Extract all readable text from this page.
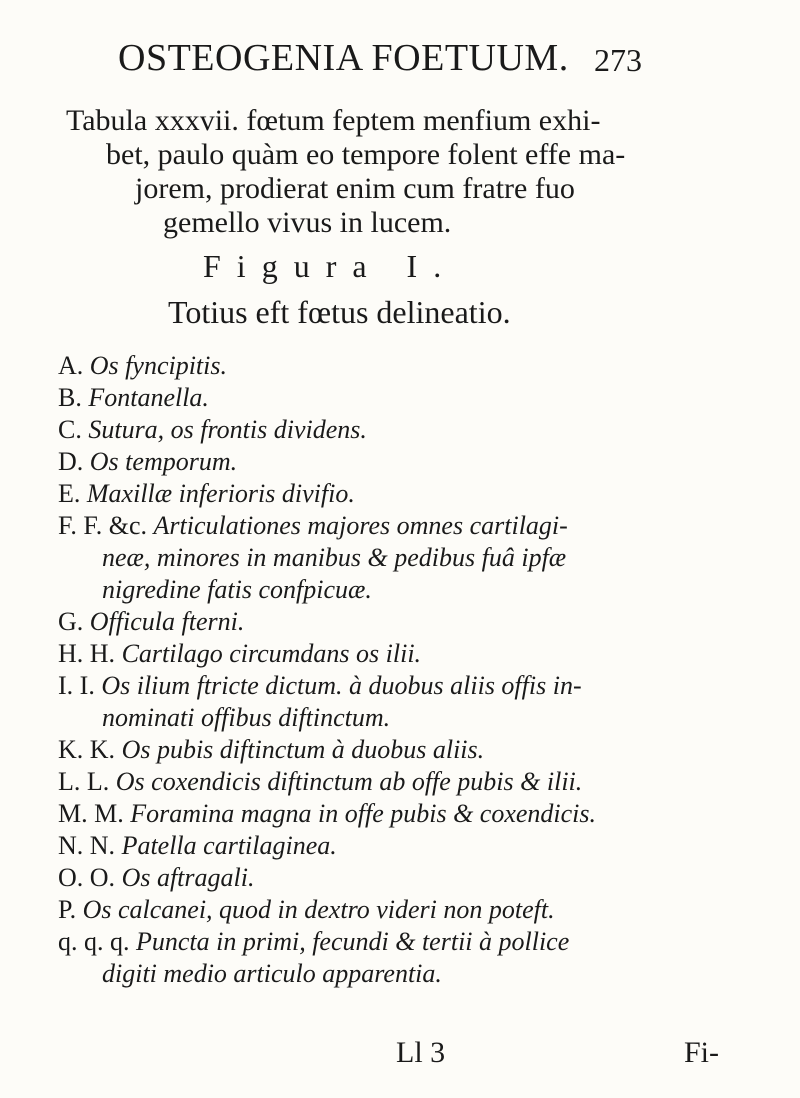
OSTEOGENIA FOETUUM. 273
Tabula xxxvii. fœtum feptem menfium exhi-
bet, paulo quàm eo tempore folent effe ma-
jorem, prodierat enim cum fratre fuo
gemello vivus in lucem.
Figura I.
Totius eft fœtus delineatio.
A. Os fyncipitis.
B. Fontanella.
C. Sutura, os frontis dividens.
D. Os temporum.
E. Maxillæ inferioris divifio.
F. F. &c. Articulationes majores omnes cartilagi-
neæ, minores in manibus & pedibus fuâ ipfæ
nigredine fatis confpicuæ.
G. Officula fterni.
H. H. Cartilago circumdans os ilii.
I. I. Os ilium ftricte dictum. à duobus aliis offis in-
nominati offibus diftinctum.
K. K. Os pubis diftinctum à duobus aliis.
L. L. Os coxendicis diftinctum ab offe pubis & ilii.
M. M. Foramina magna in offe pubis & coxendicis.
N. N. Patella cartilaginea.
O. O. Os aftragali.
P. Os calcanei, quod in dextro videri non poteft.
q. q. q. Puncta in primi, fecundi & tertii à pollice
digiti medio articulo apparentia.
Ll 3	Fi-
